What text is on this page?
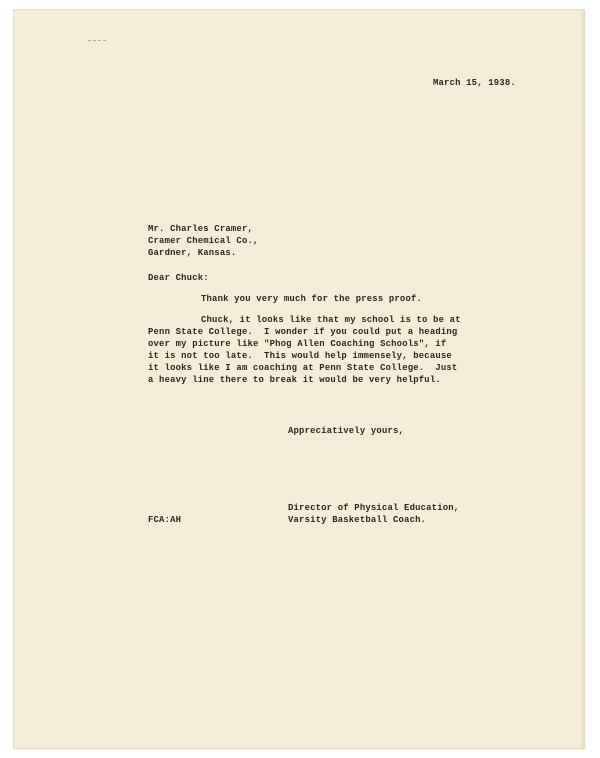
March 15, 1938.
Mr. Charles Cramer,
Cramer Chemical Co.,
Gardner, Kansas.
Dear Chuck:
Thank you very much for the press proof.
Chuck, it looks like that my school is to be at
Penn State College.  I wonder if you could put a heading
over my picture like "Phog Allen Coaching Schools", if
it is not too late.  This would help immensely, because
it looks like I am coaching at Penn State College.  Just
a heavy line there to break it would be very helpful.
Appreciatively yours,
Director of Physical Education,
Varsity Basketball Coach.
FCA:AH
